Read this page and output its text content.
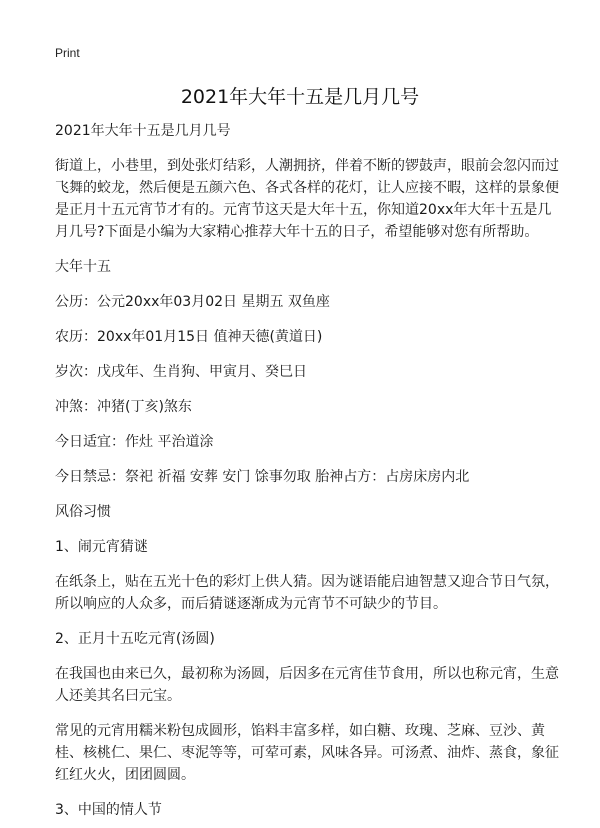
Print
2021年大年十五是几月几号

2021年大年十五是几月几号

街道上，小巷里，到处张灯结彩，人潮拥挤，伴着不断的锣鼓声，眼前会忽闪而过飞舞的蛟龙，然后便是五颜六色、各式各样的花灯，让人应接不暇，这样的景象便是正月十五元宵节才有的。元宵节这天是大年十五，你知道20xx年大年十五是几月几号?下面是小编为大家精心推荐大年十五的日子，希望能够对您有所帮助。

大年十五

公历：公元20xx年03月02日 星期五 双鱼座

农历：20xx年01月15日 值神天德(黄道日)

岁次：戊戌年、生肖狗、甲寅月、癸巳日

冲煞：冲猪(丁亥)煞东

今日适宜：作灶 平治道涂

今日禁忌：祭祀 祈福 安葬 安门 馀事勿取 胎神占方：占房床房内北

风俗习惯

1、闹元宵猜谜

在纸条上，贴在五光十色的彩灯上供人猜。因为谜语能启迪智慧又迎合节日气氛，所以响应的人众多，而后猜谜逐渐成为元宵节不可缺少的节目。

2、正月十五吃元宵(汤圆)

在我国也由来已久，最初称为汤圆，后因多在元宵佳节食用，所以也称元宵，生意人还美其名曰元宝。

常见的元宵用糯米粉包成圆形，馅料丰富多样，如白糖、玫瑰、芝麻、豆沙、黄桂、核桃仁、果仁、枣泥等等，可荤可素，风味各异。可汤煮、油炸、蒸食，象征红红火火，团团圆圆。

3、中国的情人节
